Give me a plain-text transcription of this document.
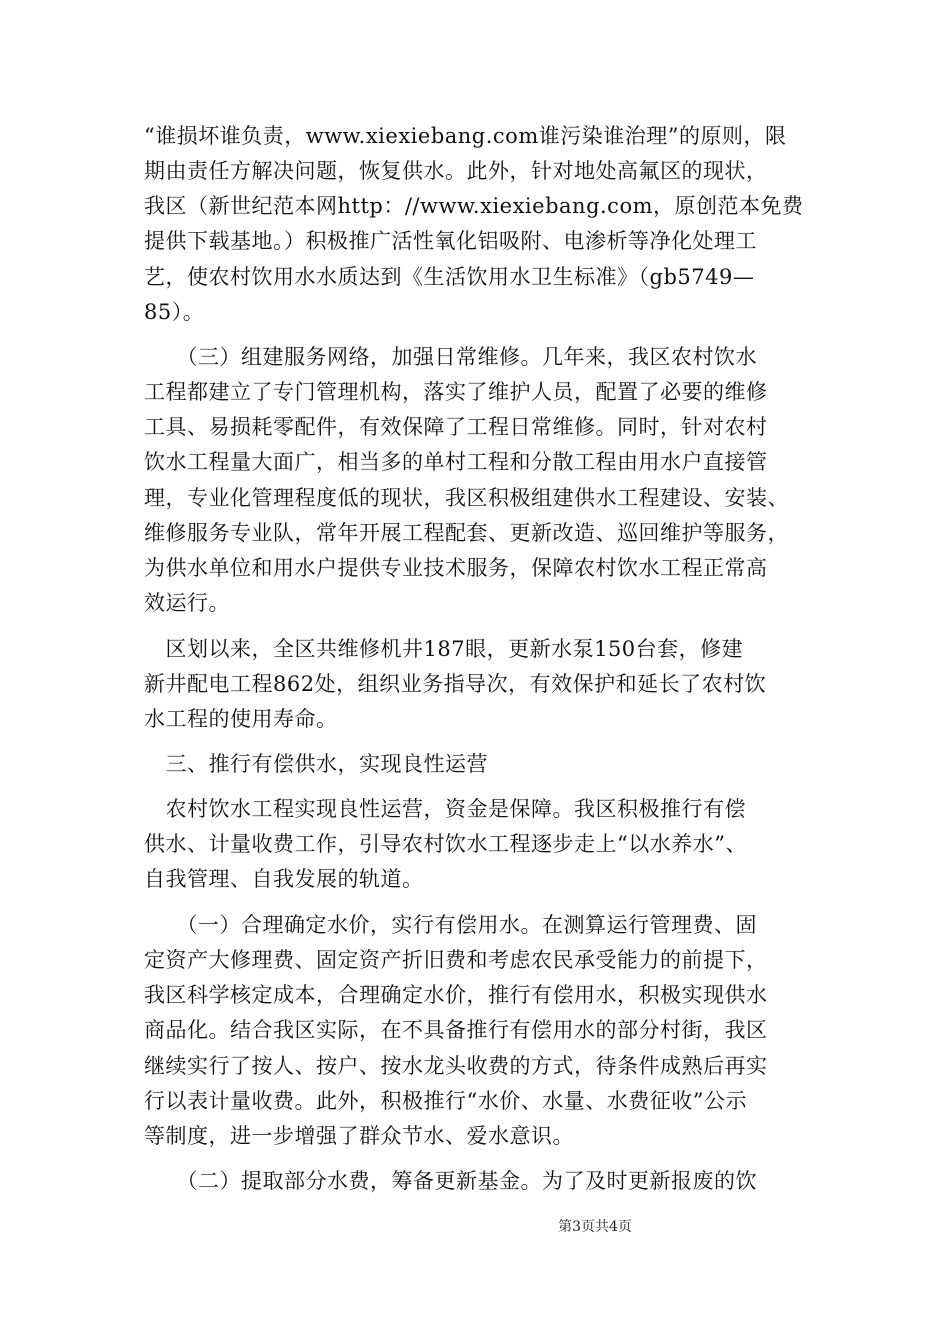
“谁损坏谁负责，www.xiexiebang.com谁污染谁治理”的原则，限
期由责任方解决问题，恢复供水。此外，针对地处高氟区的现状，
我区（新世纪范本网http：//www.xiexiebang.com，原创范本免费
提供下载基地。）积极推广活性氧化铝吸附、电渗析等净化处理工
艺，使农村饮用水水质达到《生活饮用水卫生标准》（gb5749—
85）。
　　（三）组建服务网络，加强日常维修。几年来，我区农村饮水
工程都建立了专门管理机构，落实了维护人员，配置了必要的维修
工具、易损耗零配件，有效保障了工程日常维修。同时，针对农村
饮水工程量大面广，相当多的单村工程和分散工程由用水户直接管
理，专业化管理程度低的现状，我区积极组建供水工程建设、安装、
维修服务专业队，常年开展工程配套、更新改造、巡回维护等服务，
为供水单位和用水户提供专业技术服务，保障农村饮水工程正常高
效运行。
　区划以来，全区共维修机井187眼，更新水泵150台套，修建
新井配电工程862处，组织业务指导次，有效保护和延长了农村饮
水工程的使用寿命。
　三、推行有偿供水，实现良性运营
　农村饮水工程实现良性运营，资金是保障。我区积极推行有偿
供水、计量收费工作，引导农村饮水工程逐步走上“以水养水”、
自我管理、自我发展的轨道。
　　（一）合理确定水价，实行有偿用水。在测算运行管理费、固
定资产大修理费、固定资产折旧费和考虑农民承受能力的前提下，
我区科学核定成本，合理确定水价，推行有偿用水，积极实现供水
商品化。结合我区实际，在不具备推行有偿用水的部分村街，我区
继续实行了按人、按户、按水龙头收费的方式，待条件成熟后再实
行以表计量收费。此外，积极推行“水价、水量、水费征收”公示
等制度，进一步增强了群众节水、爱水意识。
　　（二）提取部分水费，筹备更新基金。为了及时更新报废的饮
第3页共4页
